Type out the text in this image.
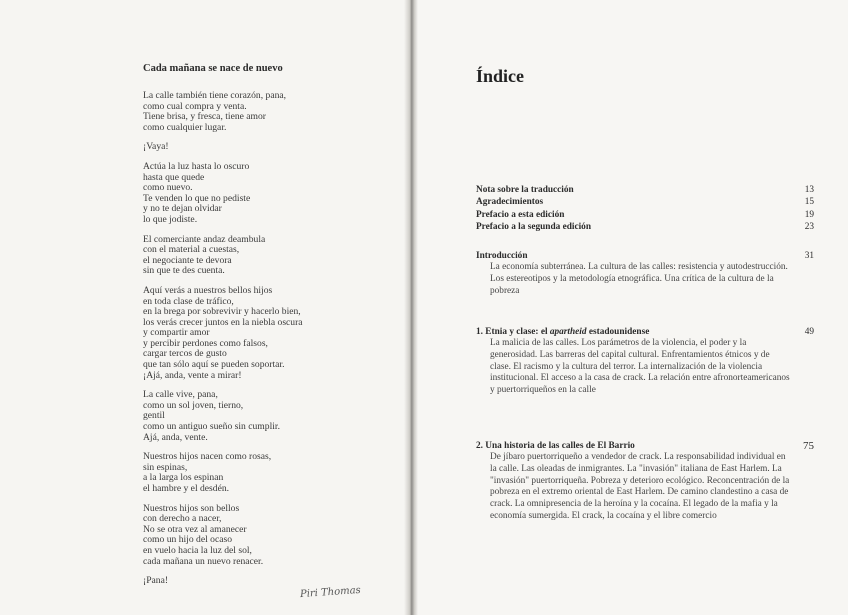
Cada mañana se nace de nuevo
La calle también tiene corazón, pana,
como cual compra y venta.
Tiene brisa, y fresca, tiene amor
como cualquier lugar.
¡Vaya!
Actúa la luz hasta lo oscuro
hasta que quede
como nuevo.
Te venden lo que no pediste
y no te dejan olvidar
lo que jodiste.
El comerciante andaz deambula
con el material a cuestas,
el negociante te devora
sin que te des cuenta.
Aquí verás a nuestros bellos hijos
en toda clase de tráfico,
en la brega por sobrevivir y hacerlo bien,
los verás crecer juntos en la niebla oscura
y compartir amor
y percibir perdones como falsos,
cargar tercos de gusto
que tan sólo aquí se pueden soportar.
¡Ajá, anda, vente a mirar!
La calle vive, pana,
como un sol joven, tierno,
gentil
como un antiguo sueño sin cumplir.
Ajá, anda, vente.
Nuestros hijos nacen como rosas,
sin espinas,
a la larga los espinan
el hambre y el desdén.
Nuestros hijos son bellos
con derecho a nacer,
No se otra vez al amanecer
como un hijo del ocaso
en vuelo hacia la luz del sol,
cada mañana un nuevo renacer.
¡Pana!
Piri Thomas
Índice
Nota sobre la traducción	13
Agradecimientos	15
Prefacio a esta edición	19
Prefacio a la segunda edición	23
Introducción	31
La economía subterránea. La cultura de las calles: resistencia y autodestrucción. Los estereotipos y la metodología etnográfica. Una crítica de la cultura de la pobreza
1. Etnia y clase: el apartheid estadounidense	49
La malicia de las calles. Los parámetros de la violencia, el poder y la generosidad. Las barreras del capital cultural. Enfrentamientos étnicos y de clase. El racismo y la cultura del terror. La internalización de la violencia institucional. El acceso a la casa de crack. La relación entre afronorteamericanos y puertorriqueños en la calle
2. Una historia de las calles de El Barrio	75
De jíbaro puertorriqueño a vendedor de crack. La responsabilidad individual en la calle. Las oleadas de inmigrantes. La "invasión" italiana de East Harlem. La "invasión" puertorriqueña. Pobreza y deterioro ecológico. Reconcentración de la pobreza en el extremo oriental de East Harlem. De camino clandestino a casa de crack. La omnipresencia de la heroína y la cocaína. El legado de la mafia y la economía sumergida. El crack, la cocaína y el libre comercio
